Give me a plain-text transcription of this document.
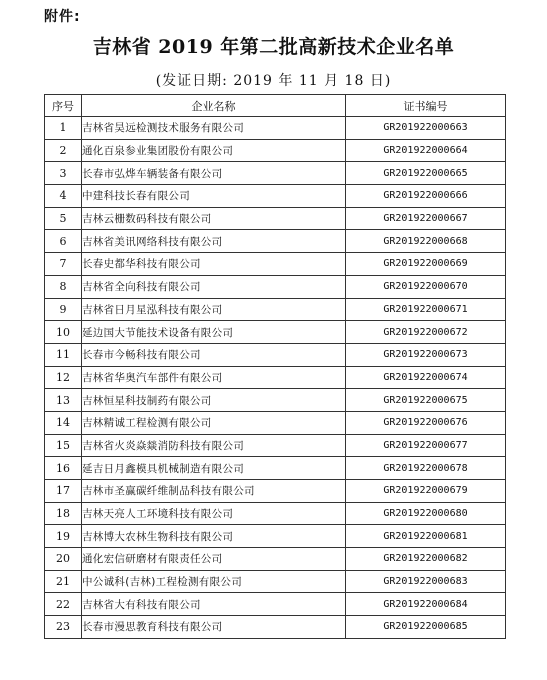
附件:
吉林省 2019 年第二批高新技术企业名单
(发证日期: 2019 年 11 月 18 日)
序号	企业名称	证书编号
1	吉林省昊远检测技术服务有限公司	GR201922000663
2	通化百泉参业集团股份有限公司	GR201922000664
3	长春市弘烨车辆装备有限公司	GR201922000665
4	中建科技长春有限公司	GR201922000666
5	吉林云栅数码科技有限公司	GR201922000667
6	吉林省美讯网络科技有限公司	GR201922000668
7	长春史都华科技有限公司	GR201922000669
8	吉林省全向科技有限公司	GR201922000670
9	吉林省日月星泓科技有限公司	GR201922000671
10	延边国大节能技术设备有限公司	GR201922000672
11	长春市今畅科技有限公司	GR201922000673
12	吉林省华奥汽车部件有限公司	GR201922000674
13	吉林恒星科技制药有限公司	GR201922000675
14	吉林精诚工程检测有限公司	GR201922000676
15	吉林省火炎焱燚消防科技有限公司	GR201922000677
16	延吉日月鑫模具机械制造有限公司	GR201922000678
17	吉林市圣赢碳纤维制品科技有限公司	GR201922000679
18	吉林天亮人工环境科技有限公司	GR201922000680
19	吉林博大农林生物科技有限公司	GR201922000681
20	通化宏信研磨材有限责任公司	GR201922000682
21	中公诚科(吉林)工程检测有限公司	GR201922000683
22	吉林省大有科技有限公司	GR201922000684
23	长春市漫思教育科技有限公司	GR201922000685
